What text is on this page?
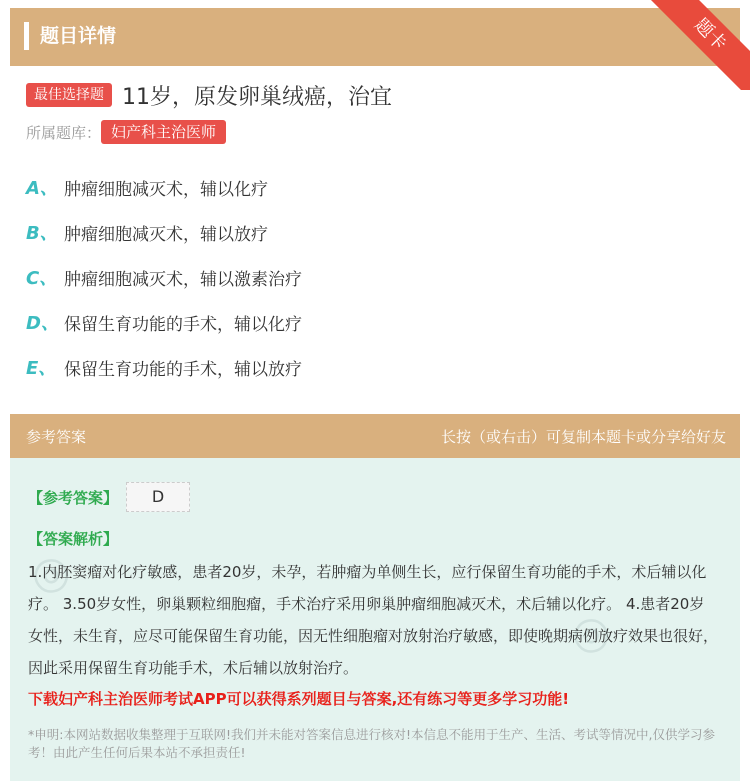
题目详情	题卡
最佳选择题 11岁，原发卵巢绒癌，治宜
所属题库： 妇产科主治医师
A、 肿瘤细胞减灭术，辅以化疗
B、 肿瘤细胞减灭术，辅以放疗
C、 肿瘤细胞减灭术，辅以激素治疗
D、 保留生育功能的手术，辅以化疗
E、 保留生育功能的手术，辅以放疗
参考答案	长按（或右击）可复制本题卡或分享给好友
◎
◎
【参考答案】	D
【答案解析】
1.内胚窦瘤对化疗敏感，患者20岁，未孕，若肿瘤为单侧生长，应行保留生育功能的手术，术后辅以化疗。 3.50岁女性，卵巢颗粒细胞瘤，手术治疗采用卵巢肿瘤细胞减灭术，术后辅以化疗。 4.患者20岁女性，未生育，应尽可能保留生育功能，因无性细胞瘤对放射治疗敏感，即使晚期病例放疗效果也很好，因此采用保留生育功能手术，术后辅以放射治疗。
下载妇产科主治医师考试APP可以获得系列题目与答案,还有练习等更多学习功能!
*申明:本网站数据收集整理于互联网!我们并未能对答案信息进行核对!本信息不能用于生产、生活、考试等情况中,仅供学习参考！由此产生任何后果本站不承担责任!
